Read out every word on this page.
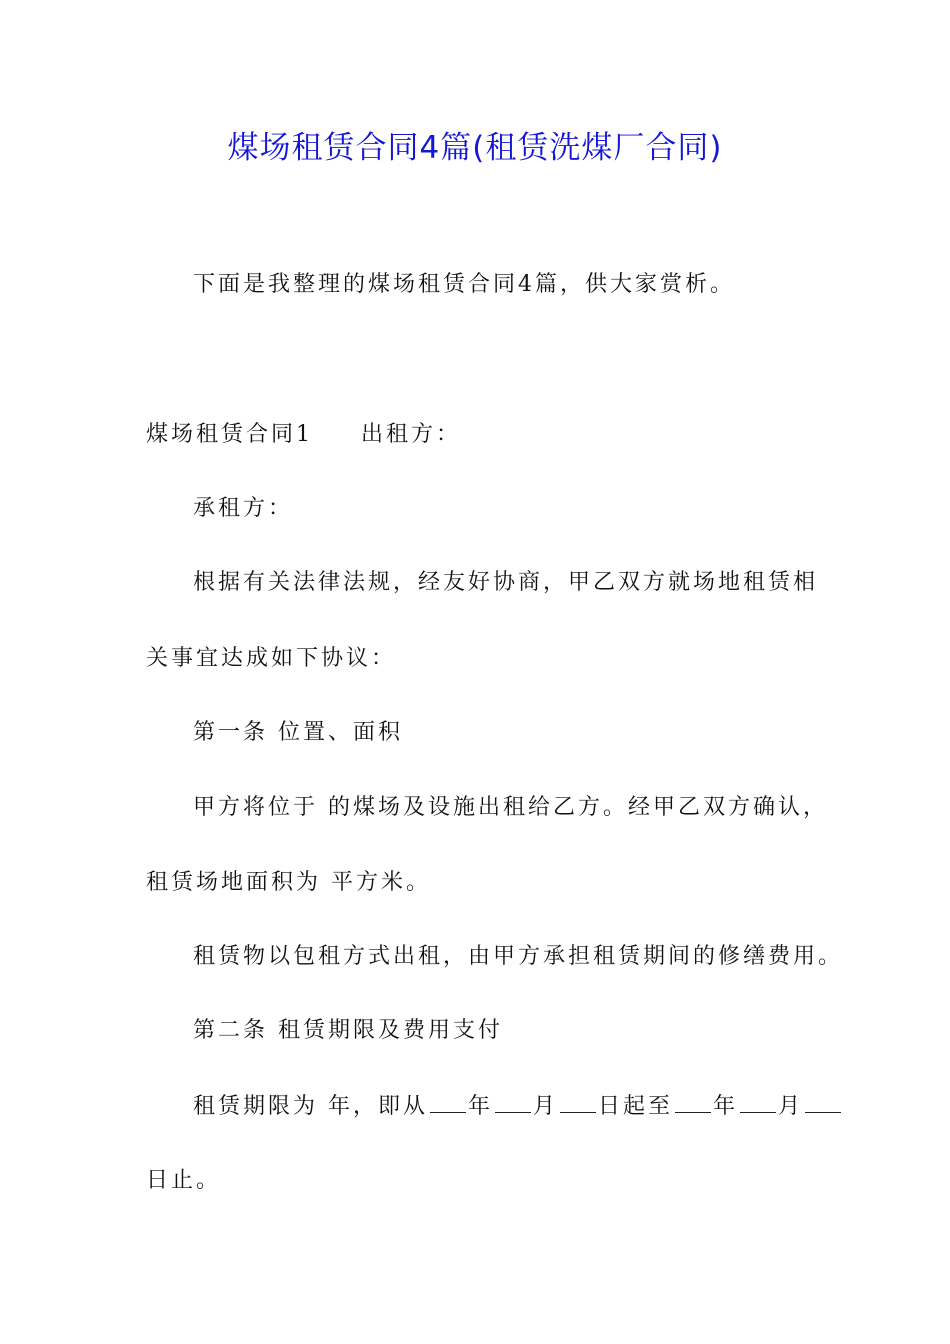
煤场租赁合同4篇(租赁洗煤厂合同)
下面是我整理的煤场租赁合同4篇，供大家赏析。
煤场租赁合同1 出租方：
承租方：
根据有关法律法规，经友好协商，甲乙双方就场地租赁相
关事宜达成如下协议：
第一条 位置、面积
甲方将位于 的煤场及设施出租给乙方。经甲乙双方确认，
租赁场地面积为 平方米。
租赁物以包租方式出租，由甲方承担租赁期间的修缮费用。
第二条 租赁期限及费用支付
租赁期限为 年，即从 年 月 日起至 年 月
日止。
